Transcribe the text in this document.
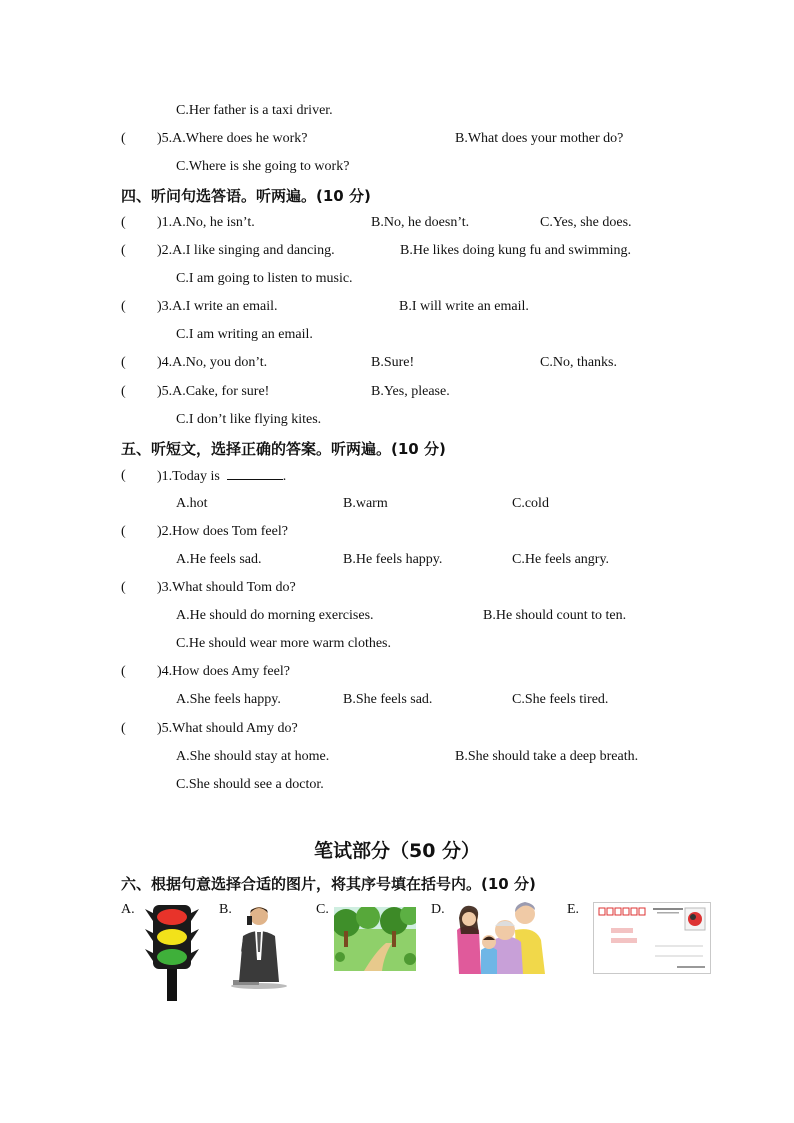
C.Her father is a taxi driver.
( )5.A.Where does he work?	B.What does your mother do?
C.Where is she going to work?
四、听问句选答语。听两遍。(10 分)
( )1.A.No, he isn’t.	B.No, he doesn’t.	C.Yes, she does.
( )2.A.I like singing and dancing.	B.He likes doing kung fu and swimming.
C.I am going to listen to music.
( )3.A.I write an email.	B.I will write an email.
C.I am writing an email.
( )4.A.No, you don’t.	B.Sure!	C.No, thanks.
( )5.A.Cake, for sure!	B.Yes, please.
C.I don’t like flying kites.
五、听短文，选择正确的答案。听两遍。(10 分)
( )1.Today is	.
A.hot	B.warm	C.cold
( )2.How does Tom feel?
A.He feels sad.	B.He feels happy.	C.He feels angry.
( )3.What should Tom do?
A.He should do morning exercises.	B.He should count to ten.
C.He should wear more warm clothes.
( )4.How does Amy feel?
A.She feels happy.	B.She feels sad.	C.She feels tired.
( )5.What should Amy do?
A.She should stay at home.	B.She should take a deep breath.
C.She should see a doctor.
笔试部分（50 分）
六、根据句意选择合适的图片，将其序号填在括号内。(10 分)
A.	B.	C.	D.	E.
